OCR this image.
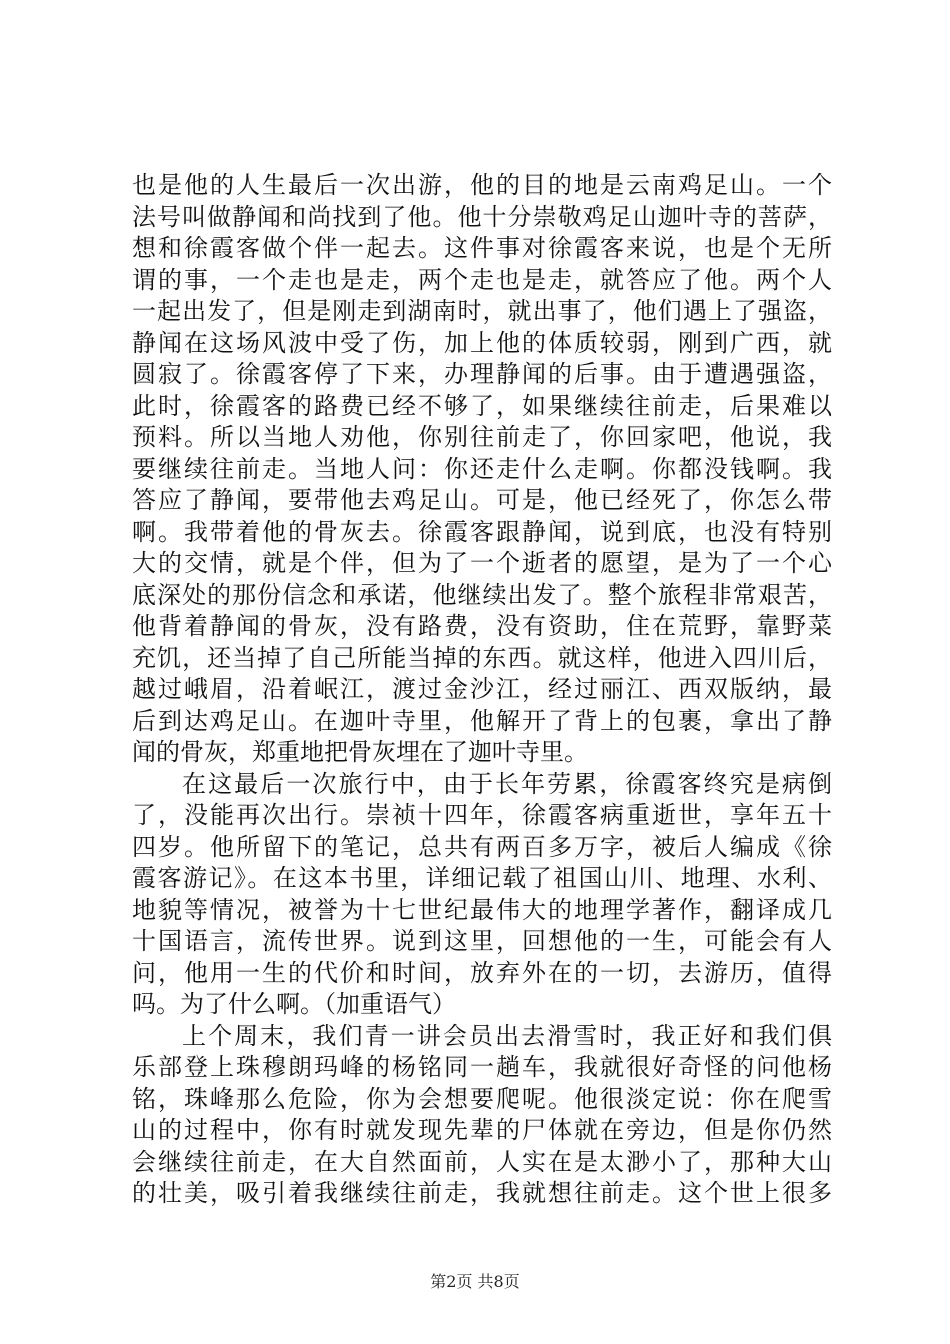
也是他的人生最后一次出游，他的目的地是云南鸡足山。一个
法号叫做静闻和尚找到了他。他十分崇敬鸡足山迦叶寺的菩萨，
想和徐霞客做个伴一起去。这件事对徐霞客来说，也是个无所
谓的事，一个走也是走，两个走也是走，就答应了他。两个人
一起出发了，但是刚走到湖南时，就出事了，他们遇上了强盗，
静闻在这场风波中受了伤，加上他的体质较弱，刚到广西，就
圆寂了。徐霞客停了下来，办理静闻的后事。由于遭遇强盗，
此时，徐霞客的路费已经不够了，如果继续往前走，后果难以
预料。所以当地人劝他，你别往前走了，你回家吧，他说，我
要继续往前走。当地人问：你还走什么走啊。你都没钱啊。我
答应了静闻，要带他去鸡足山。可是，他已经死了，你怎么带
啊。我带着他的骨灰去。徐霞客跟静闻，说到底，也没有特别
大的交情，就是个伴，但为了一个逝者的愿望，是为了一个心
底深处的那份信念和承诺，他继续出发了。整个旅程非常艰苦，
他背着静闻的骨灰，没有路费，没有资助，住在荒野，靠野菜
充饥，还当掉了自己所能当掉的东西。就这样，他进入四川后，
越过峨眉，沿着岷江，渡过金沙江，经过丽江、西双版纳，最
后到达鸡足山。在迦叶寺里，他解开了背上的包裹，拿出了静
闻的骨灰，郑重地把骨灰埋在了迦叶寺里。
在这最后一次旅行中，由于长年劳累，徐霞客终究是病倒
了，没能再次出行。崇祯十四年，徐霞客病重逝世，享年五十
四岁。他所留下的笔记，总共有两百多万字，被后人编成《徐
霞客游记》。在这本书里，详细记载了祖国山川、地理、水利、
地貌等情况，被誉为十七世纪最伟大的地理学著作，翻译成几
十国语言，流传世界。说到这里，回想他的一生，可能会有人
问，他用一生的代价和时间，放弃外在的一切，去游历，值得
吗。为了什么啊。（加重语气）
上个周末，我们青一讲会员出去滑雪时，我正好和我们俱
乐部登上珠穆朗玛峰的杨铭同一趟车，我就很好奇怪的问他杨
铭，珠峰那么危险，你为会想要爬呢。他很淡定说：你在爬雪
山的过程中，你有时就发现先辈的尸体就在旁边，但是你仍然
会继续往前走，在大自然面前，人实在是太渺小了，那种大山
的壮美，吸引着我继续往前走，我就想往前走。这个世上很多
第2页 共8页
